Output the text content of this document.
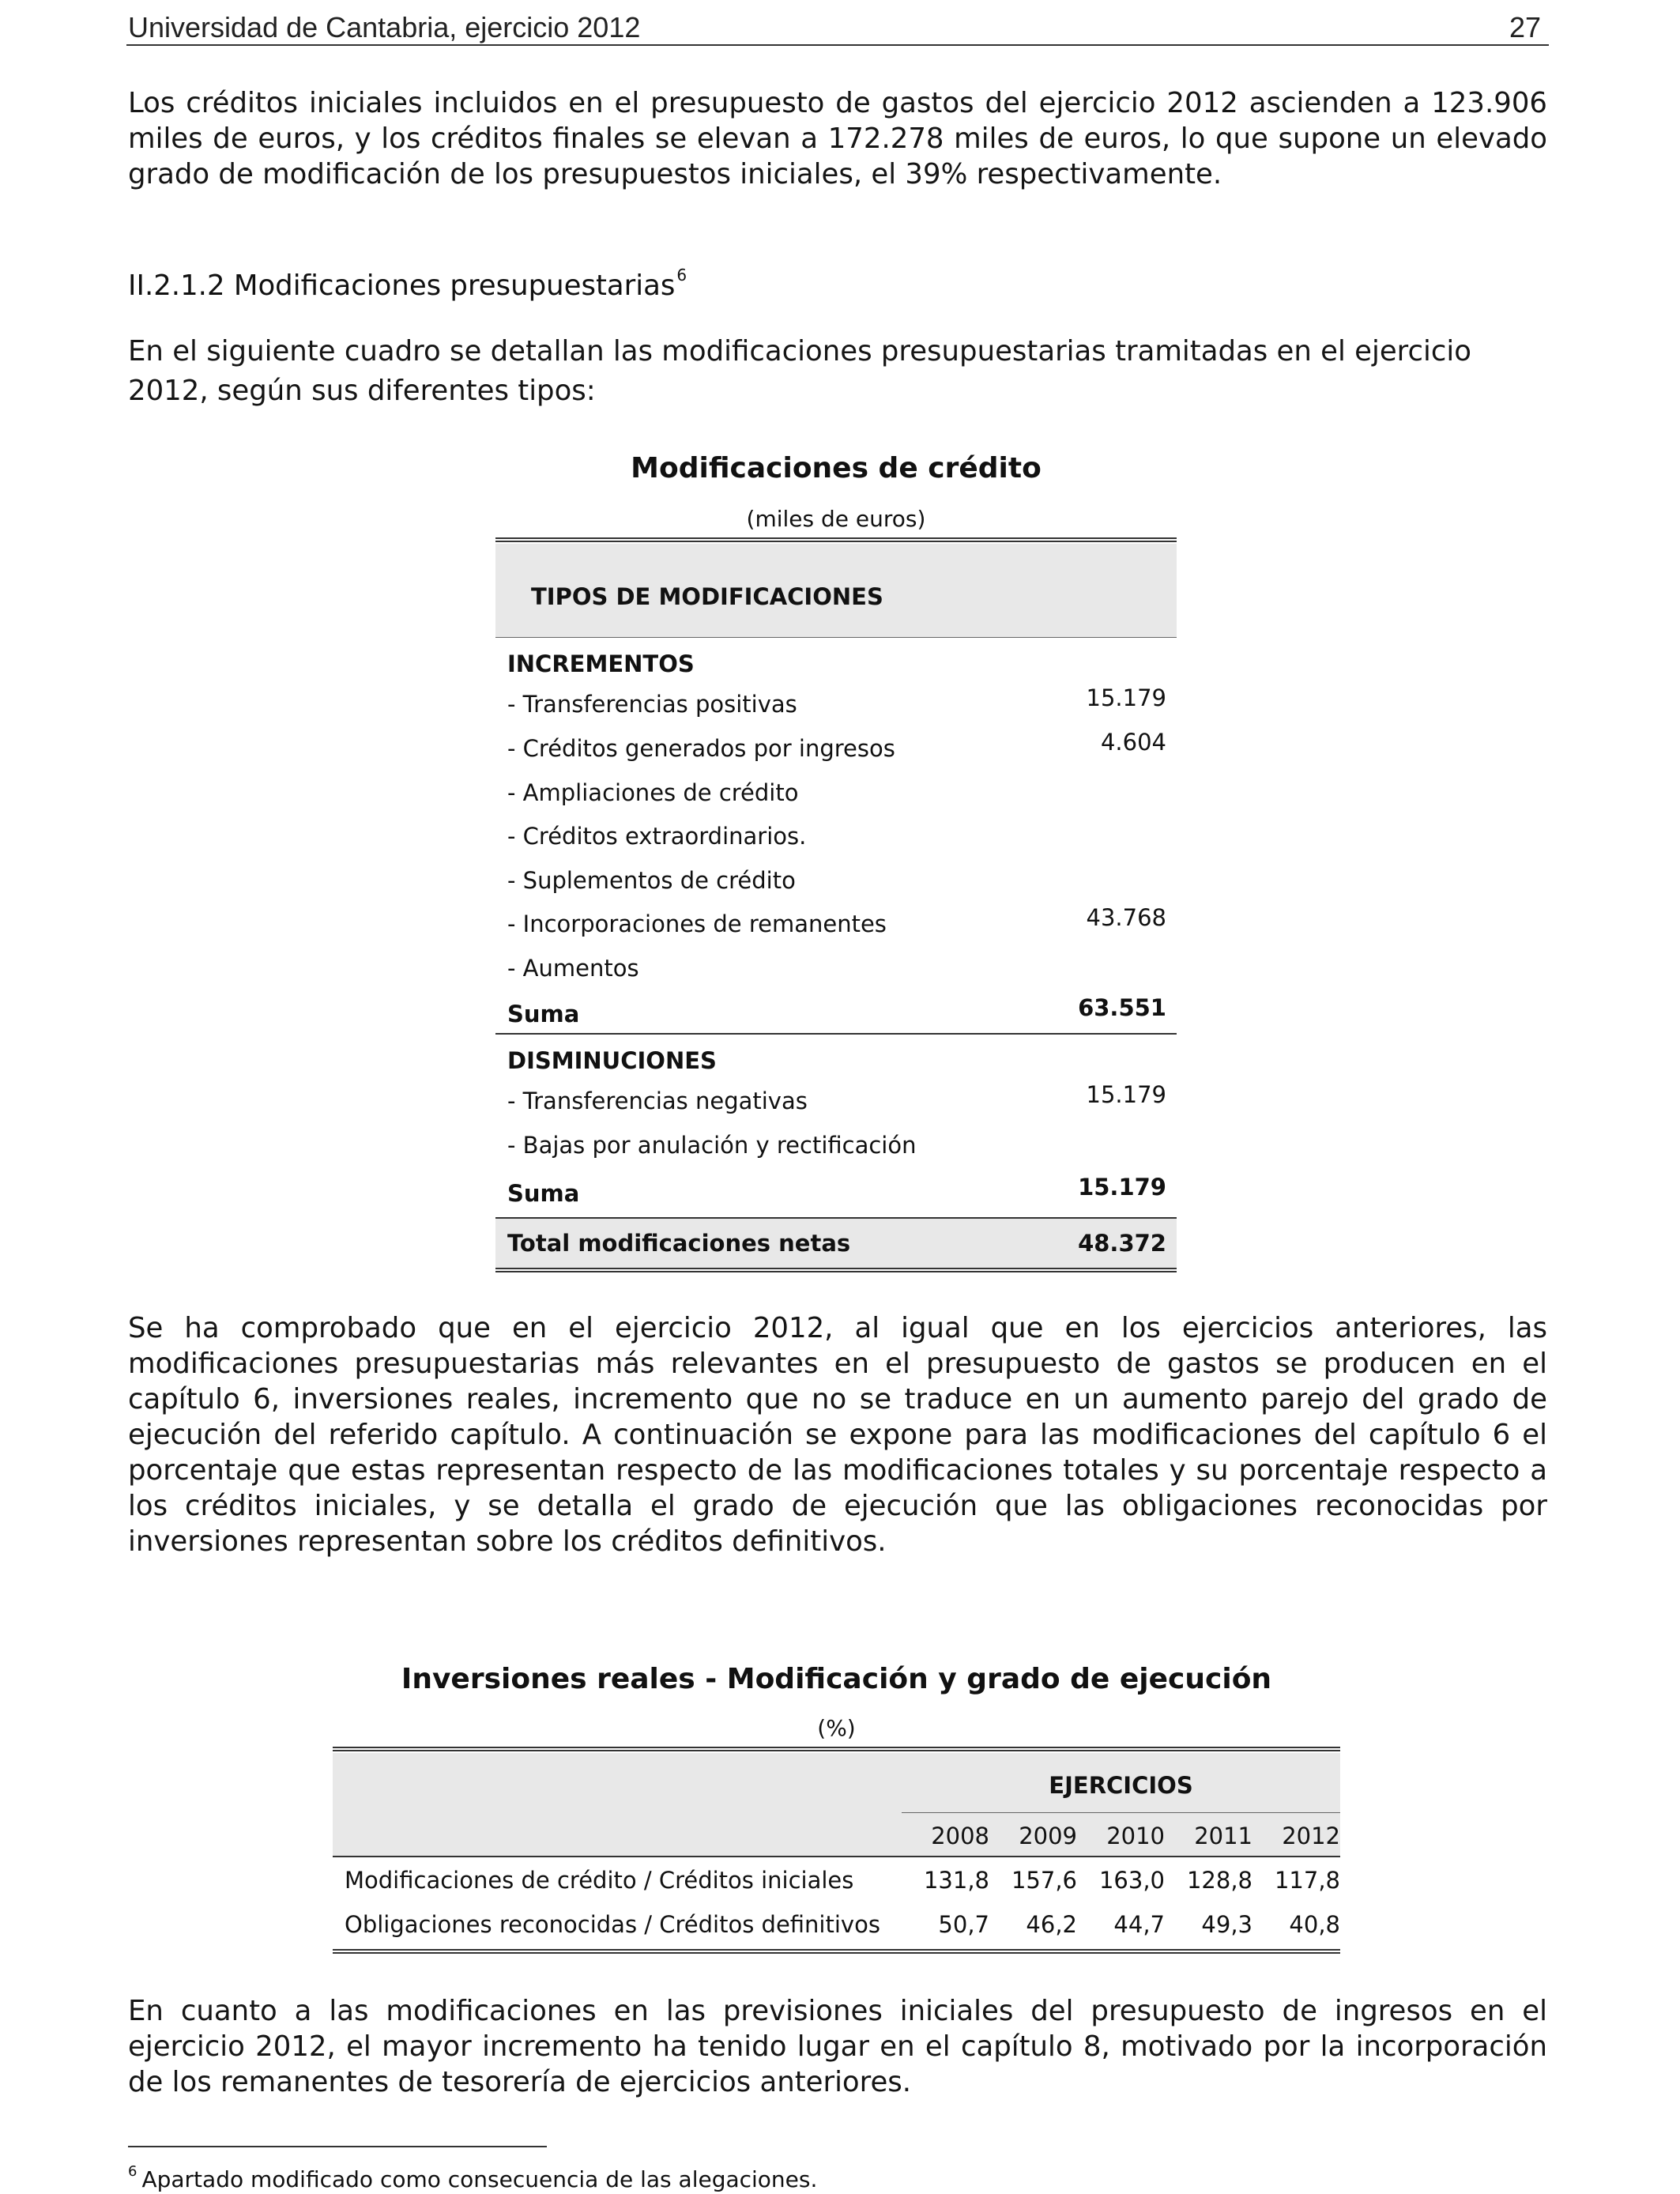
Universidad de Cantabria, ejercicio 2012	27
Los créditos iniciales incluidos en el presupuesto de gastos del ejercicio 2012 ascienden a 123.906 miles de euros, y los créditos finales se elevan a 172.278 miles de euros, lo que supone un elevado grado de modificación de los presupuestos iniciales, el 39% respectivamente.
II.2.1.2 Modificaciones presupuestarias $^6$
En el siguiente cuadro se detallan las modificaciones presupuestarias tramitadas en el ejercicio 2012, según sus diferentes tipos:
Modificaciones de crédito
(miles de euros)
TIPOS DE MODIFICACIONES
INCREMENTOS
- Transferencias positivas	15.179
- Créditos generados por ingresos	4.604
- Ampliaciones de crédito
- Créditos extraordinarios.
- Suplementos de crédito
- Incorporaciones de remanentes	43.768
- Aumentos
Suma	63.551
DISMINUCIONES
- Transferencias negativas	15.179
- Bajas por anulación y rectificación
Suma	15.179
Total modificaciones netas	48.372
Se ha comprobado que en el ejercicio 2012, al igual que en los ejercicios anteriores, las modificaciones presupuestarias más relevantes en el presupuesto de gastos se producen en el capítulo 6, inversiones reales, incremento que no se traduce en un aumento parejo del grado de ejecución del referido capítulo. A continuación se expone para las modificaciones del capítulo 6 el porcentaje que estas representan respecto de las modificaciones totales y su porcentaje respecto a los créditos iniciales, y se detalla el grado de ejecución que las obligaciones reconocidas por inversiones representan sobre los créditos definitivos.
Inversiones reales - Modificación y grado de ejecución
(%)
EJERCICIOS
2008	2009	2010	2011	2012
Modificaciones de crédito / Créditos iniciales	131,8 157,6 163,0 128,8 117,8
Obligaciones reconocidas / Créditos definitivos	50,7	46,2	44,7	49,3	40,8
En cuanto a las modificaciones en las previsiones iniciales del presupuesto de ingresos en el ejercicio 2012, el mayor incremento ha tenido lugar en el capítulo 8, motivado por la incorporación de los remanentes de tesorería de ejercicios anteriores.
$^6$ Apartado modificado como consecuencia de las alegaciones.
